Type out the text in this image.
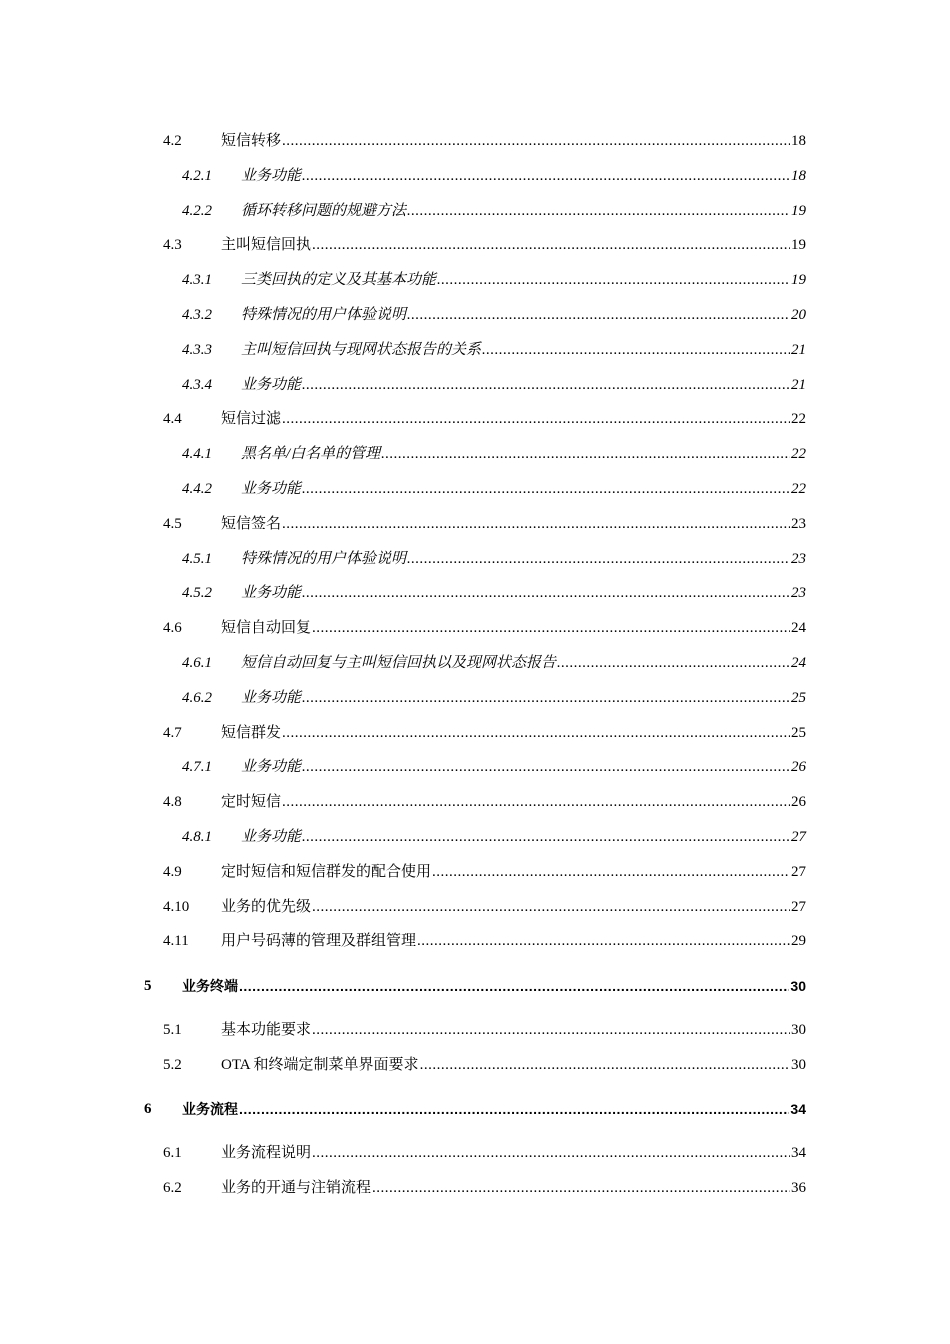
4.2	短信转移 .....	18
4.2.1	业务功能 .....	18
4.2.2	循环转移问题的规避方法 .....	19
4.3	主叫短信回执 .....	19
4.3.1	三类回执的定义及其基本功能 .....	19
4.3.2	特殊情况的用户体验说明 .....	20
4.3.3	主叫短信回执与现网状态报告的关系 .....	21
4.3.4	业务功能 .....	21
4.4	短信过滤 .....	22
4.4.1	黑名单/白名单的管理 .....	22
4.4.2	业务功能 .....	22
4.5	短信签名 .....	23
4.5.1	特殊情况的用户体验说明 .....	23
4.5.2	业务功能 .....	23
4.6	短信自动回复 .....	24
4.6.1	短信自动回复与主叫短信回执以及现网状态报告 .....	24
4.6.2	业务功能 .....	25
4.7	短信群发 .....	25
4.7.1	业务功能 .....	26
4.8	定时短信 .....	26
4.8.1	业务功能 .....	27
4.9	定时短信和短信群发的配合使用 .....	27
4.10	业务的优先级 .....	27
4.11	用户号码薄的管理及群组管理 .....	29
5	业务终端 .....	30
5.1	基本功能要求 .....	30
5.2	OTA 和终端定制菜单界面要求 .....	30
6	业务流程 .....	34
6.1	业务流程说明 .....	34
6.2	业务的开通与注销流程 .....	36
